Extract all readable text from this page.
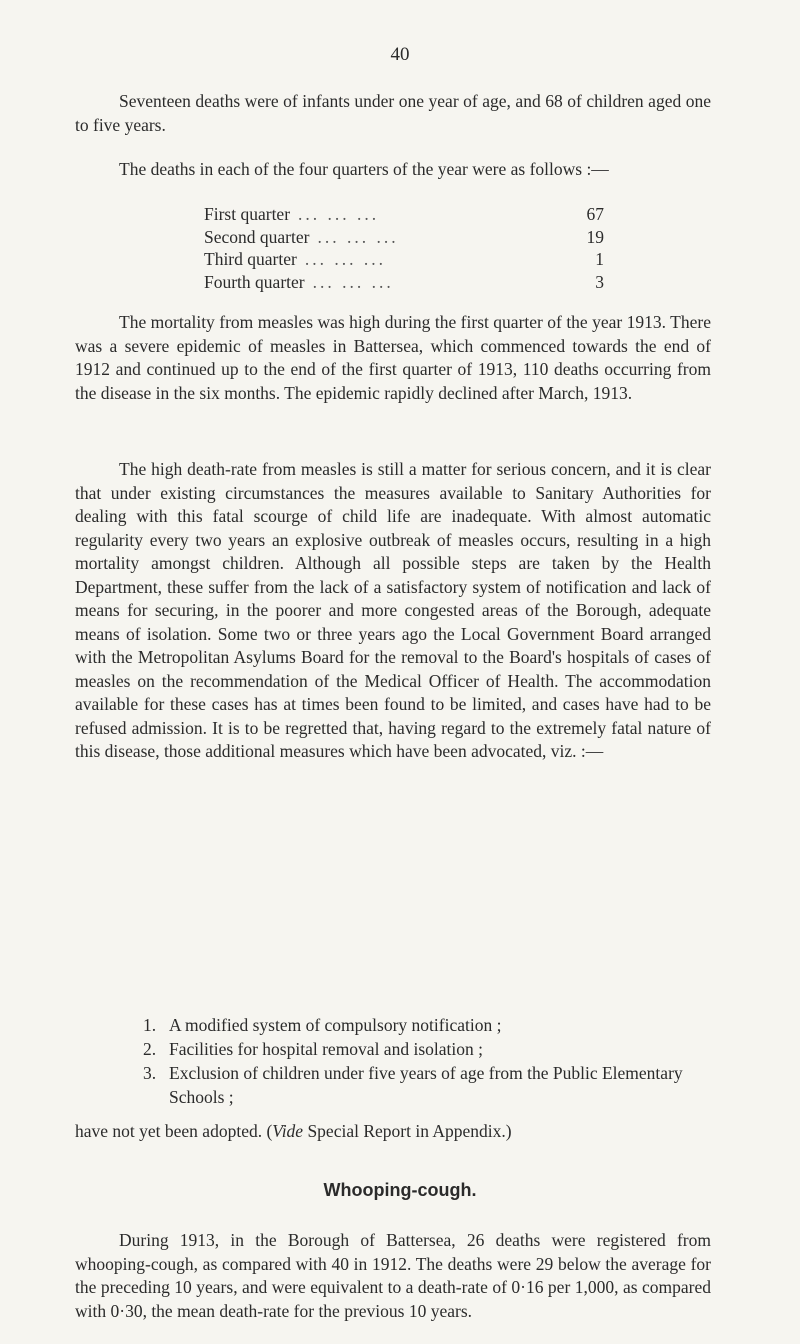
40

Seventeen deaths were of infants under one year of age, and 68 of children aged one to five years.

The deaths in each of the four quarters of the year were as follows :—

First quarter ... ... ...	67
Second quarter ... ... ...	19
Third quarter ... ... ...	1
Fourth quarter ... ... ...	3

The mortality from measles was high during the first quarter of the year 1913. There was a severe epidemic of measles in Battersea, which commenced towards the end of 1912 and continued up to the end of the first quarter of 1913, 110 deaths occurring from the disease in the six months. The epidemic rapidly declined after March, 1913.

The high death-rate from measles is still a matter for serious concern, and it is clear that under existing circumstances the measures available to Sanitary Authorities for dealing with this fatal scourge of child life are inadequate. With almost automatic regularity every two years an explosive outbreak of measles occurs, resulting in a high mortality amongst children. Although all possible steps are taken by the Health Department, these suffer from the lack of a satisfactory system of notification and lack of means for securing, in the poorer and more congested areas of the Borough, adequate means of isolation. Some two or three years ago the Local Government Board arranged with the Metropolitan Asylums Board for the removal to the Board's hospitals of cases of measles on the recommendation of the Medical Officer of Health. The accommodation available for these cases has at times been found to be limited, and cases have had to be refused admission. It is to be regretted that, having regard to the extremely fatal nature of this disease, those additional measures which have been advocated, viz. :—

1. A modified system of compulsory notification ;
2. Facilities for hospital removal and isolation ;
3. Exclusion of children under five years of age from the Public Elementary Schools ;

have not yet been adopted. (Vide Special Report in Appendix.)

Whooping-cough.

During 1913, in the Borough of Battersea, 26 deaths were registered from whooping-cough, as compared with 40 in 1912. The deaths were 29 below the average for the preceding 10 years, and were equivalent to a death-rate of 0·16 per 1,000, as compared with 0·30, the mean death-rate for the previous 10 years.
